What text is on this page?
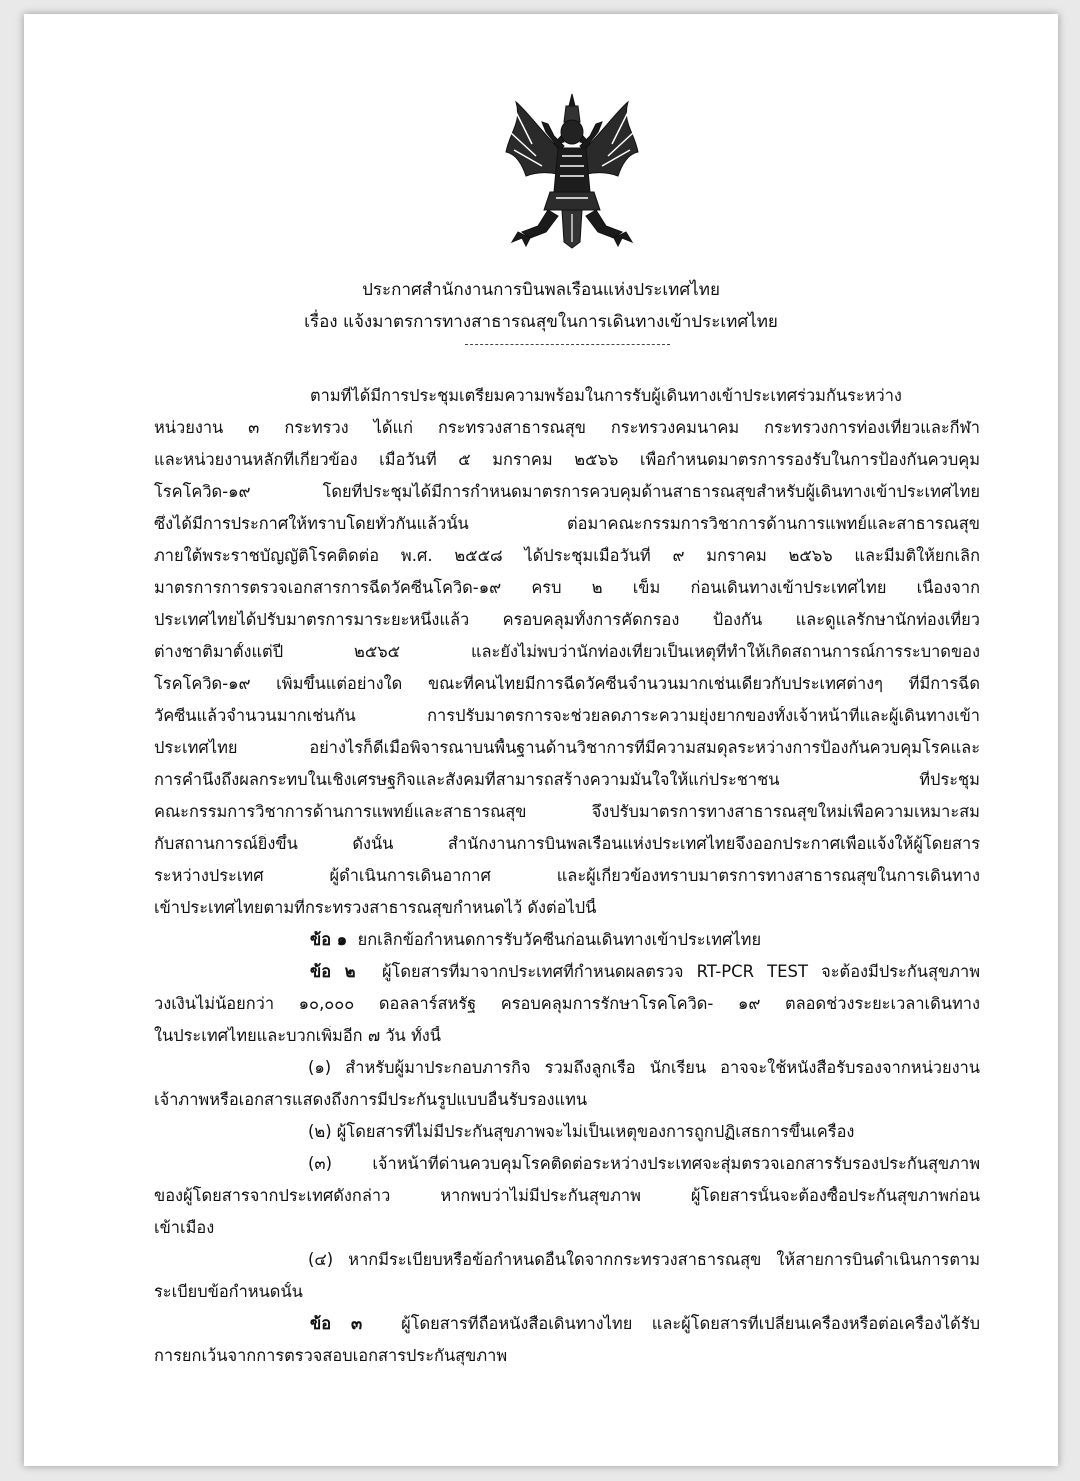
ประกาศสำนักงานการบินพลเรือนแห่งประเทศไทย
เรื่อง แจ้งมาตรการทางสาธารณสุขในการเดินทางเข้าประเทศไทย
ตามที่ได้มีการประชุมเตรียมความพร้อมในการรับผู้เดินทางเข้าประเทศร่วมกันระหว่าง
หน่วยงาน ๓ กระทรวง ได้แก่ กระทรวงสาธารณสุข กระทรวงคมนาคม กระทรวงการท่องเที่ยวและกีฬา
และหน่วยงานหลักที่เกี่ยวข้อง เมื่อวันที่ ๕ มกราคม ๒๕๖๖ เพื่อกำหนดมาตรการรองรับในการป้องกันควบคุม
โรคโควิด-๑๙ โดยที่ประชุมได้มีการกำหนดมาตรการควบคุมด้านสาธารณสุขสำหรับผู้เดินทางเข้าประเทศไทย
ซึ่งได้มีการประกาศให้ทราบโดยทั่วกันแล้วนั้น ต่อมาคณะกรรมการวิชาการด้านการแพทย์และสาธารณสุข
ภายใต้พระราชบัญญัติโรคติดต่อ พ.ศ. ๒๕๕๘ ได้ประชุมเมื่อวันที่ ๙ มกราคม ๒๕๖๖ และมีมติให้ยกเลิก
มาตรการการตรวจเอกสารการฉีดวัคซีนโควิด-๑๙ ครบ ๒ เข็ม ก่อนเดินทางเข้าประเทศไทย เนื่องจาก
ประเทศไทยได้ปรับมาตรการมาระยะหนึ่งแล้ว ครอบคลุมทั้งการคัดกรอง ป้องกัน และดูแลรักษานักท่องเที่ยว
ต่างชาติมาตั้งแต่ปี ๒๕๖๕ และยังไม่พบว่านักท่องเที่ยวเป็นเหตุที่ทำให้เกิดสถานการณ์การระบาดของ
โรคโควิด-๑๙ เพิ่มขึ้นแต่อย่างใด ขณะที่คนไทยมีการฉีดวัคซีนจำนวนมากเช่นเดียวกับประเทศต่างๆ ที่มีการฉีด
วัคซีนแล้วจำนวนมากเช่นกัน การปรับมาตรการจะช่วยลดภาระความยุ่งยากของทั้งเจ้าหน้าที่และผู้เดินทางเข้า
ประเทศไทย อย่างไรก็ดีเมื่อพิจารณาบนพื้นฐานด้านวิชาการที่มีความสมดุลระหว่างการป้องกันควบคุมโรคและ
การคำนึงถึงผลกระทบในเชิงเศรษฐกิจและสังคมที่สามารถสร้างความมั่นใจให้แก่ประชาชน ที่ประชุม
คณะกรรมการวิชาการด้านการแพทย์และสาธารณสุข จึงปรับมาตรการทางสาธารณสุขใหม่เพื่อความเหมาะสม
กับสถานการณ์ยิ่งขึ้น ดังนั้น สำนักงานการบินพลเรือนแห่งประเทศไทยจึงออกประกาศเพื่อแจ้งให้ผู้โดยสาร
ระหว่างประเทศ ผู้ดำเนินการเดินอากาศ และผู้เกี่ยวข้องทราบมาตรการทางสาธารณสุขในการเดินทาง
เข้าประเทศไทยตามที่กระทรวงสาธารณสุขกำหนดไว้ ดังต่อไปนี้
ข้อ ๑ ยกเลิกข้อกำหนดการรับวัคซีนก่อนเดินทางเข้าประเทศไทย
ข้อ ๒ ผู้โดยสารที่มาจากประเทศที่กำหนดผลตรวจ RT-PCR TEST จะต้องมีประกันสุขภาพ
วงเงินไม่น้อยกว่า ๑๐,๐๐๐ ดอลลาร์สหรัฐ ครอบคลุมการรักษาโรคโควิด- ๑๙ ตลอดช่วงระยะเวลาเดินทาง
ในประเทศไทยและบวกเพิ่มอีก ๗ วัน ทั้งนี้
(๑) สำหรับผู้มาประกอบภารกิจ รวมถึงลูกเรือ นักเรียน อาจจะใช้หนังสือรับรองจากหน่วยงาน
เจ้าภาพหรือเอกสารแสดงถึงการมีประกันรูปแบบอื่นรับรองแทน
(๒) ผู้โดยสารที่ไม่มีประกันสุขภาพจะไม่เป็นเหตุของการถูกปฏิเสธการขึ้นเครื่อง
(๓) เจ้าหน้าที่ด่านควบคุมโรคติดต่อระหว่างประเทศจะสุ่มตรวจเอกสารรับรองประกันสุขภาพ
ของผู้โดยสารจากประเทศดังกล่าว หากพบว่าไม่มีประกันสุขภาพ ผู้โดยสารนั้นจะต้องซื้อประกันสุขภาพก่อน
เข้าเมือง
(๔) หากมีระเบียบหรือข้อกำหนดอื่นใดจากกระทรวงสาธารณสุข ให้สายการบินดำเนินการตาม
ระเบียบข้อกำหนดนั้น
ข้อ ๓ ผู้โดยสารที่ถือหนังสือเดินทางไทย และผู้โดยสารที่เปลี่ยนเครื่องหรือต่อเครื่องได้รับ
การยกเว้นจากการตรวจสอบเอกสารประกันสุขภาพ
